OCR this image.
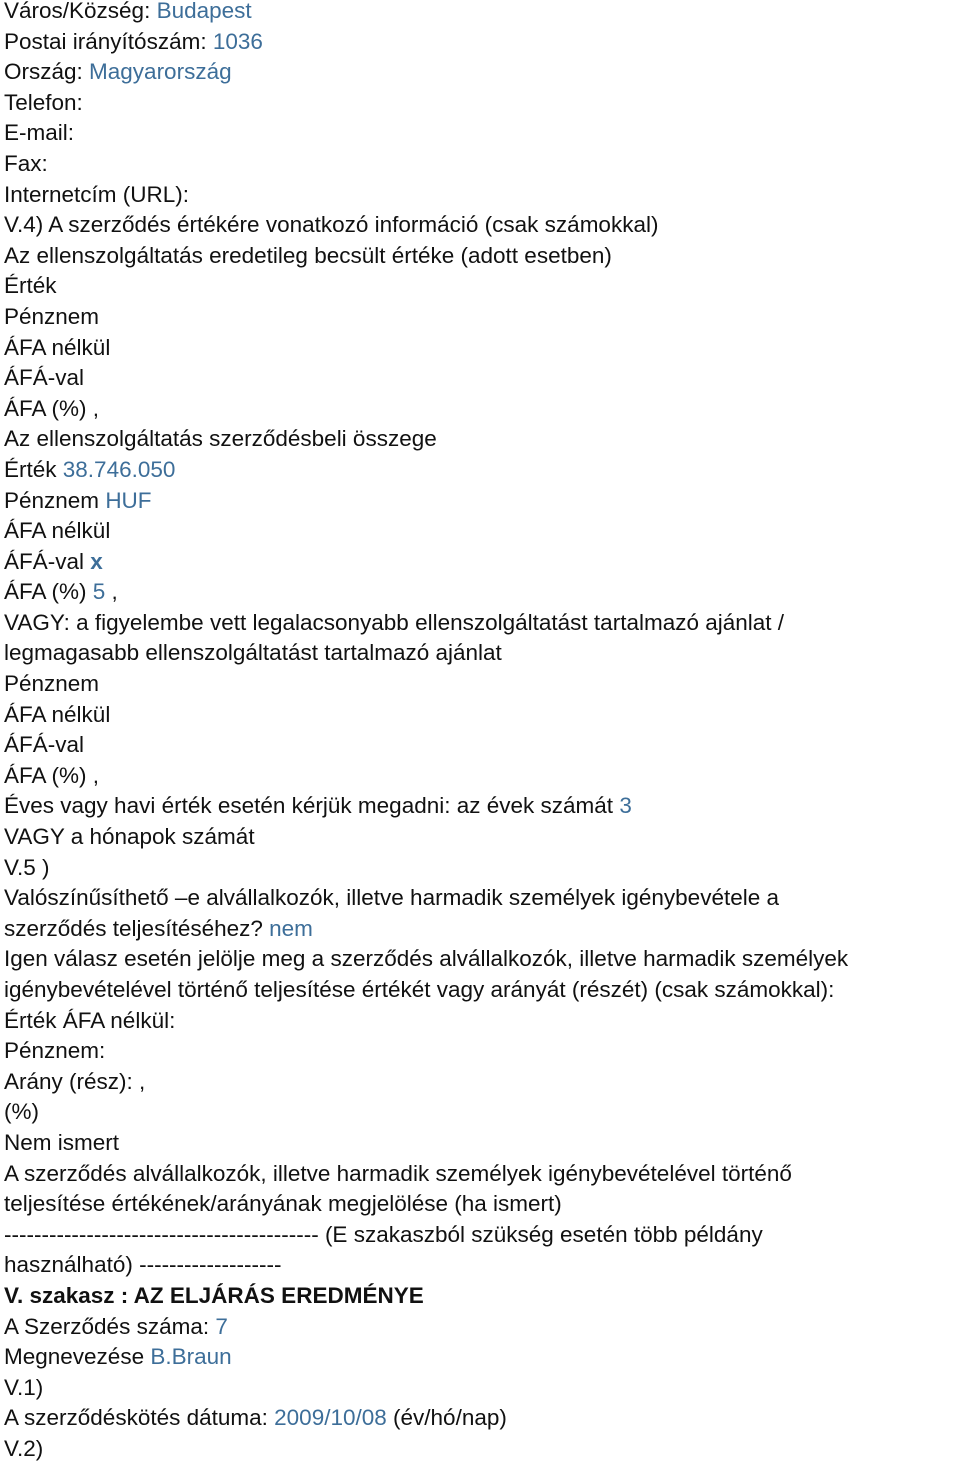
Város/Község: Budapest
Postai irányítószám: 1036
Ország: Magyarország
Telefon:
E-mail:
Fax:
Internetcím (URL):
V.4) A szerződés értékére vonatkozó információ (csak számokkal)
Az ellenszolgáltatás eredetileg becsült értéke (adott esetben)
Érték
Pénznem
ÁFA nélkül
ÁFÁ-val
ÁFA (%) ,
Az ellenszolgáltatás szerződésbeli összege
Érték 38.746.050
Pénznem HUF
ÁFA nélkül
ÁFÁ-val x
ÁFA (%) 5 ,
VAGY: a figyelembe vett legalacsonyabb ellenszolgáltatást tartalmazó ajánlat /
legmagasabb ellenszolgáltatást tartalmazó ajánlat
Pénznem
ÁFA nélkül
ÁFÁ-val
ÁFA (%) ,
Éves vagy havi érték esetén kérjük megadni: az évek számát 3
VAGY a hónapok számát
V.5 )
Valószínűsíthető –e alvállalkozók, illetve harmadik személyek igénybevétele a
szerződés teljesítéséhez? nem
Igen válasz esetén jelölje meg a szerződés alvállalkozók, illetve harmadik személyek
igénybevételével történő teljesítése értékét vagy arányát (részét) (csak számokkal):
Érték ÁFA nélkül:
Pénznem:
Arány (rész): ,
(%)
Nem ismert
A szerződés alvállalkozók, illetve harmadik személyek igénybevételével történő
teljesítése értékének/arányának megjelölése (ha ismert)
------------------------------------------ (E szakaszból szükség esetén több példány
használható) -------------------
V. szakasz : AZ ELJÁRÁS EREDMÉNYE
A Szerződés száma: 7
Megnevezése B.Braun
V.1)
A szerződéskötés dátuma: 2009/10/08 (év/hó/nap)
V.2)
